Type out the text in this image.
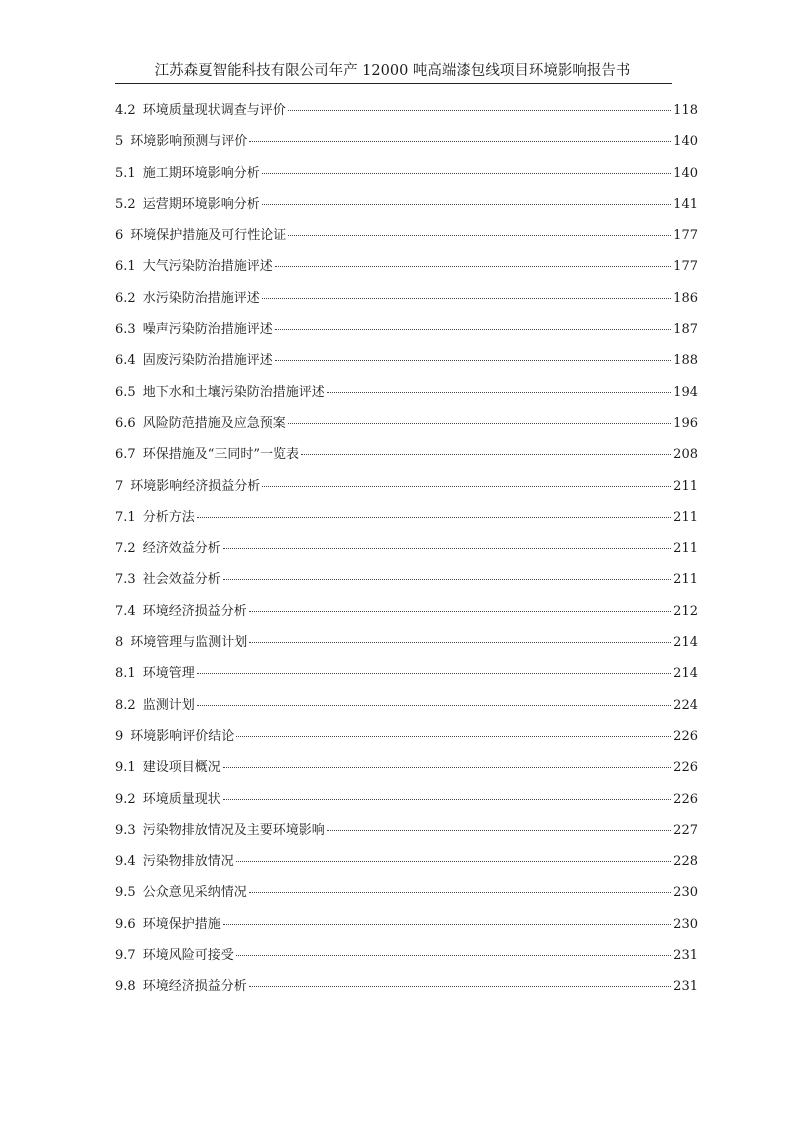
江苏森夏智能科技有限公司年产 12000 吨高端漆包线项目环境影响报告书
4.2 环境质量现状调查与评价	118
5 环境影响预测与评价	140
5.1 施工期环境影响分析	140
5.2 运营期环境影响分析	141
6 环境保护措施及可行性论证	177
6.1 大气污染防治措施评述	177
6.2 水污染防治措施评述	186
6.3 噪声污染防治措施评述	187
6.4 固废污染防治措施评述	188
6.5 地下水和土壤污染防治措施评述	194
6.6 风险防范措施及应急预案	196
6.7 环保措施及“三同时”一览表	208
7 环境影响经济损益分析	211
7.1 分析方法	211
7.2 经济效益分析	211
7.3 社会效益分析	211
7.4 环境经济损益分析	212
8 环境管理与监测计划	214
8.1 环境管理	214
8.2 监测计划	224
9 环境影响评价结论	226
9.1 建设项目概况	226
9.2 环境质量现状	226
9.3 污染物排放情况及主要环境影响	227
9.4 污染物排放情况	228
9.5 公众意见采纳情况	230
9.6 环境保护措施	230
9.7 环境风险可接受	231
9.8 环境经济损益分析	231
